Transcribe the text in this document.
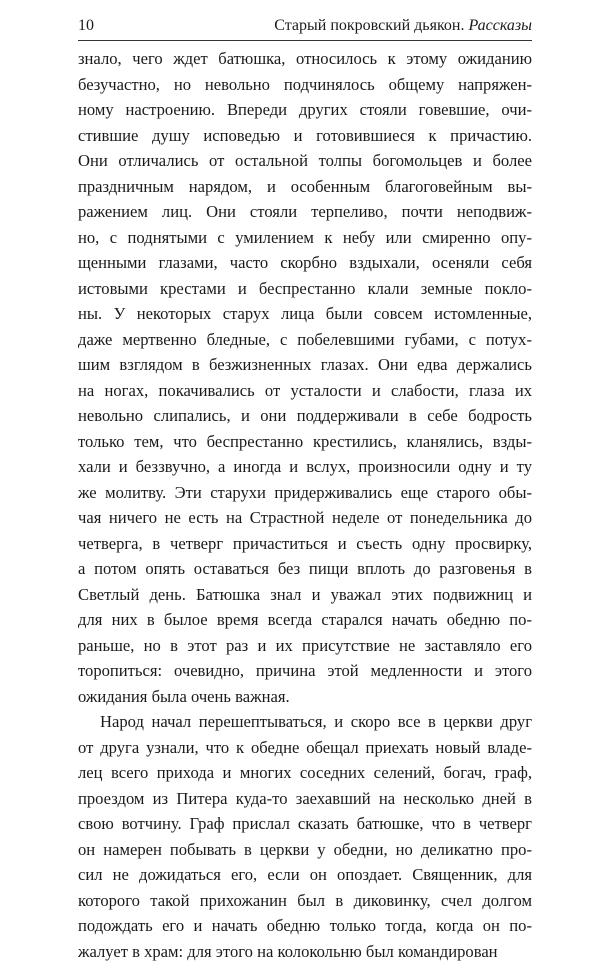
10	Старый покровский дьякон. Рассказы
знало, чего ждет батюшка, относилось к этому ожиданию
безучастно, но невольно подчинялось общему напряжен-
ному настроению. Впереди других стояли говевшие, очи-
стившие душу исповедью и готовившиеся к причастию.
Они отличались от остальной толпы богомольцев и более
праздничным нарядом, и особенным благоговейным вы-
ражением лиц. Они стояли терпеливо, почти неподвиж-
но, с поднятыми с умилением к небу или смиренно опу-
щенными глазами, часто скорбно вздыхали, осеняли себя
истовыми крестами и беспрестанно клали земные покло-
ны. У некоторых старух лица были совсем истомленные,
даже мертвенно бледные, с побелевшими губами, с потух-
шим взглядом в безжизненных глазах. Они едва держались
на ногах, покачивались от усталости и слабости, глаза их
невольно слипались, и они поддерживали в себе бодрость
только тем, что беспрестанно крестились, кланялись, взды-
хали и беззвучно, а иногда и вслух, произносили одну и ту
же молитву. Эти старухи придерживались еще старого обы-
чая ничего не есть на Страстной неделе от понедельника до
четверга, в четверг причаститься и съесть одну просвирку,
а потом опять оставаться без пищи вплоть до разговенья в
Светлый день. Батюшка знал и уважал этих подвижниц и
для них в былое время всегда старался начать обедню по-
раньше, но в этот раз и их присутствие не заставляло его
торопиться: очевидно, причина этой медленности и этого
ожидания была очень важная.
Народ начал перешептываться, и скоро все в церкви друг
от друга узнали, что к обедне обещал приехать новый владе-
лец всего прихода и многих соседних селений, богач, граф,
проездом из Питера куда-то заехавший на несколько дней в
свою вотчину. Граф прислал сказать батюшке, что в четверг
он намерен побывать в церкви у обедни, но деликатно про-
сил не дожидаться его, если он опоздает. Священник, для
которого такой прихожанин был в диковинку, счел долгом
подождать его и начать обедню только тогда, когда он по-
жалует в храм: для этого на колокольню был командирован
